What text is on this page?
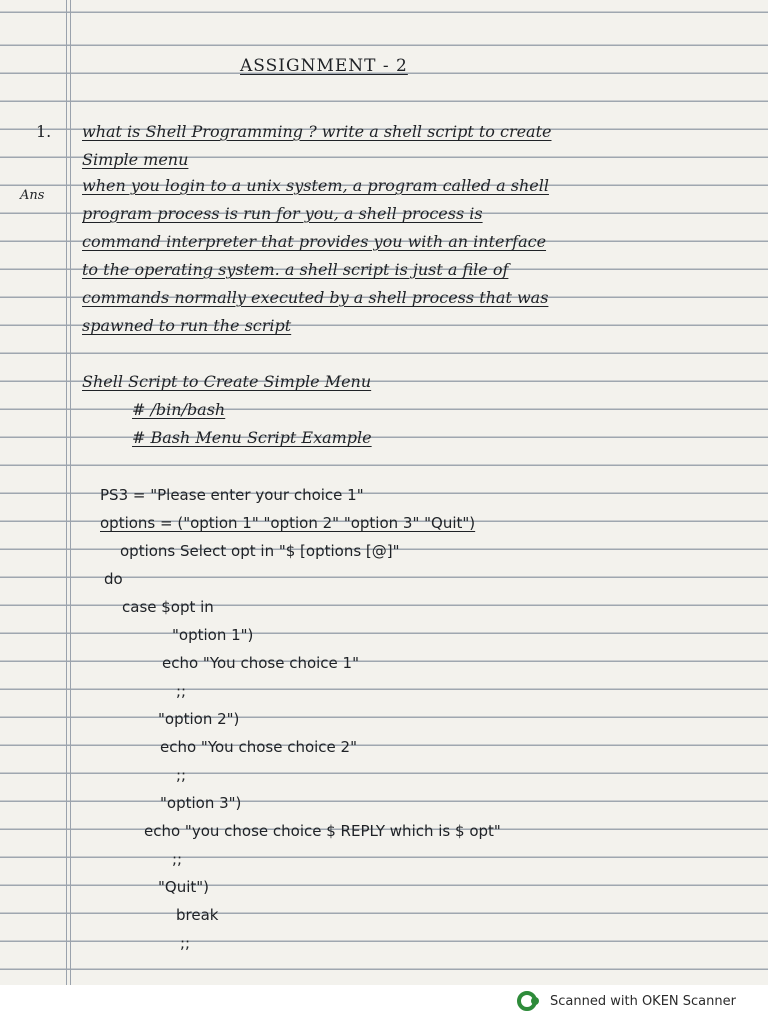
ASSIGNMENT - 2
1. what is Shell Programming ? write a shell script to create
Simple menu
Ans
when you login to a unix system, a program called a shell
program process is run for you, a shell process is
command interpreter that provides you with an interface
to the operating system. a shell script is just a file of
commands normally executed by a shell process that was
spawned to run the script
Shell Script to Create Simple Menu
# /bin/bash
# Bash Menu Script Example
PS3 = "Please enter your choice 1"
options = ("option 1" "option 2" "option 3" "Quit")
options Select opt in "$ [options [@]"
do
case $opt in
"option 1")
echo "You chose choice 1"
;;
"option 2")
echo "You chose choice 2"
;;
"option 3")
echo "you chose choice $ REPLY which is $ opt"
;;
"Quit")
break
;;
Scanned with OKEN Scanner
